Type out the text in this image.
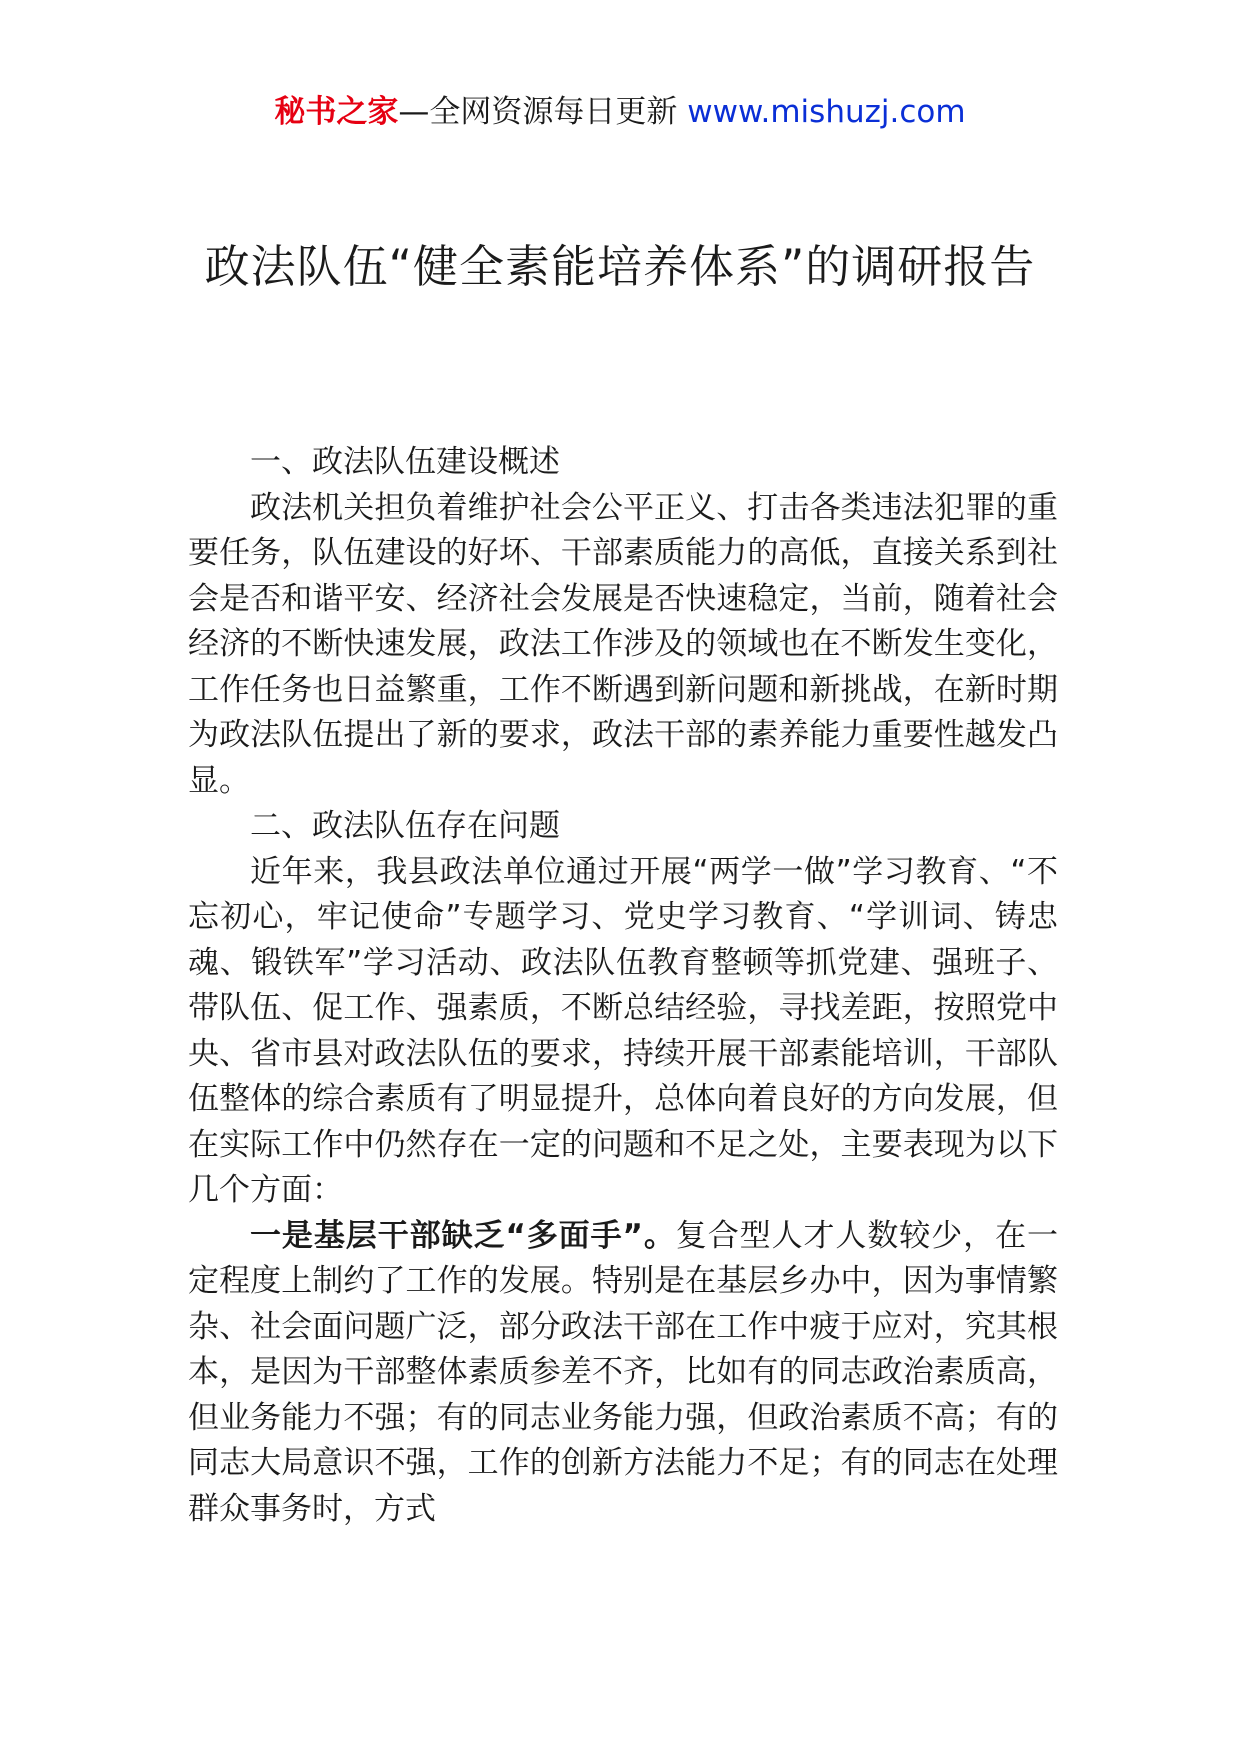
秘书之家—全网资源每日更新 www.mishuzj.com
政法队伍“健全素能培养体系”的调研报告

一、政法队伍建设概述

政法机关担负着维护社会公平正义、打击各类违法犯罪的重要任务，队伍建设的好坏、干部素质能力的高低，直接关系到社会是否和谐平安、经济社会发展是否快速稳定，当前，随着社会经济的不断快速发展，政法工作涉及的领域也在不断发生变化，工作任务也日益繁重，工作不断遇到新问题和新挑战，在新时期为政法队伍提出了新的要求，政法干部的素养能力重要性越发凸显。

二、政法队伍存在问题

近年来，我县政法单位通过开展“两学一做”学习教育、“不忘初心，牢记使命”专题学习、党史学习教育、“学训词、铸忠魂、锻铁军”学习活动、政法队伍教育整顿等抓党建、强班子、带队伍、促工作、强素质，不断总结经验，寻找差距，按照党中央、省市县对政法队伍的要求，持续开展干部素能培训，干部队伍整体的综合素质有了明显提升，总体向着良好的方向发展，但在实际工作中仍然存在一定的问题和不足之处，主要表现为以下几个方面：

一是基层干部缺乏“多面手”。复合型人才人数较少，在一定程度上制约了工作的发展。特别是在基层乡办中，因为事情繁杂、社会面问题广泛，部分政法干部在工作中疲于应对，究其根本，是因为干部整体素质参差不齐，比如有的同志政治素质高，但业务能力不强；有的同志业务能力强，但政治素质不高；有的同志大局意识不强，工作的创新方法能力不足；有的同志在处理群众事务时，方式
